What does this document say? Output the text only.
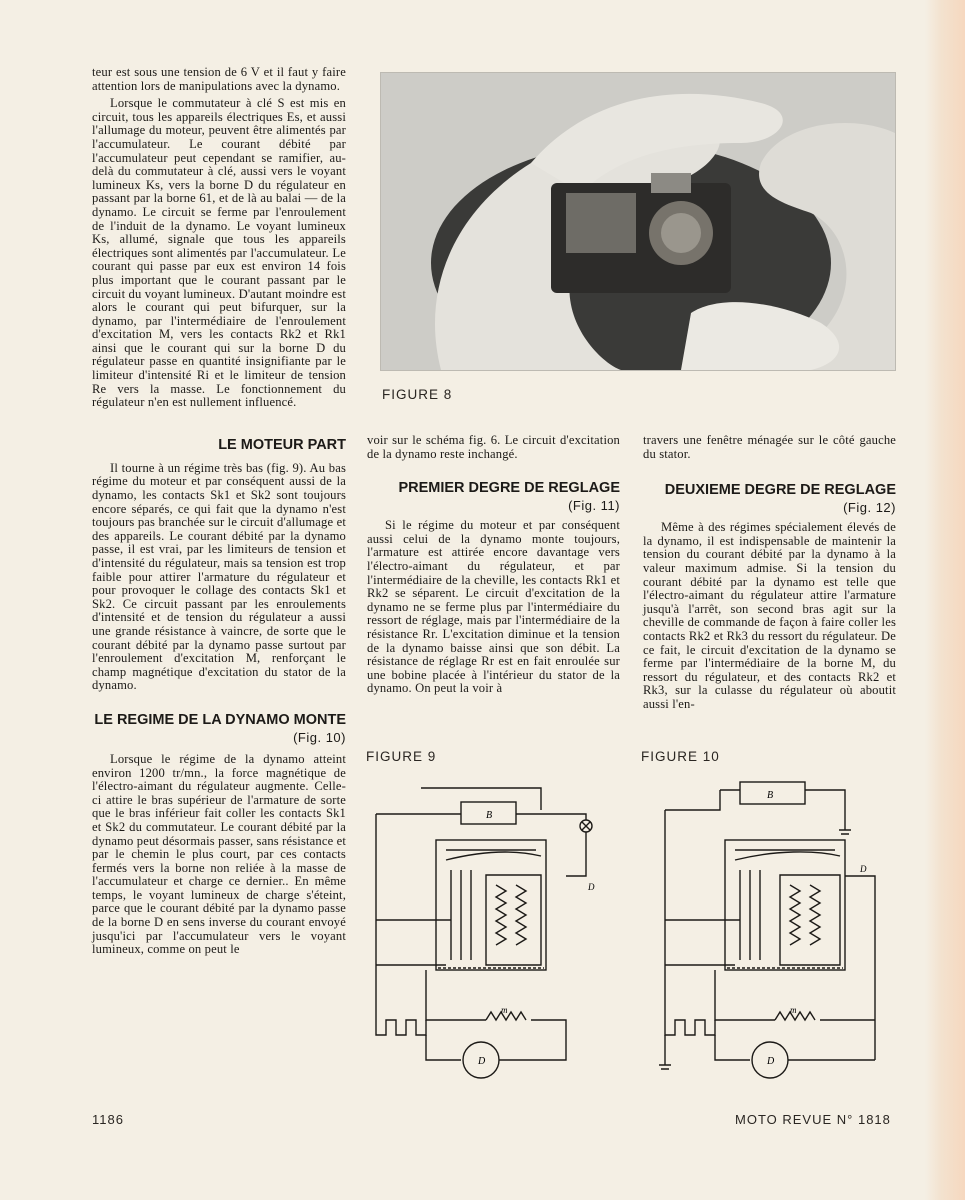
teur est sous une tension de 6 V et il faut y faire attention lors de manipulations avec la dynamo.

Lorsque le commutateur à clé S est mis en circuit, tous les appareils électriques Es, et aussi l'allumage du moteur, peuvent être alimentés par l'accumulateur. Le courant débité par l'accumulateur peut cependant se ramifier, au-delà du commutateur à clé, aussi vers le voyant lumineux Ks, vers la borne D du régulateur en passant par la borne 61, et de là au balai — de la dynamo. Le circuit se ferme par l'enroulement de l'induit de la dynamo. Le voyant lumineux Ks, allumé, signale que tous les appareils électriques sont alimentés par l'accumulateur. Le courant qui passe par eux est environ 14 fois plus important que le courant passant par le circuit du voyant lumineux. D'autant moindre est alors le courant qui peut bifurquer, sur la dynamo, par l'intermédiaire de l'enroulement d'excitation M, vers les contacts Rk2 et Rk1 ainsi que le courant qui sur la borne D du régulateur passe en quantité insignifiante par le limiteur d'intensité Ri et le limiteur de tension Re vers la masse. Le fonctionnement du régulateur n'en est nullement influencé.

LE MOTEUR PART

Il tourne à un régime très bas (fig. 9). Au bas régime du moteur et par conséquent aussi de la dynamo, les contacts Sk1 et Sk2 sont toujours encore séparés, ce qui fait que la dynamo n'est toujours pas branchée sur le circuit d'allumage et des appareils. Le courant débité par la dynamo passe, il est vrai, par les limiteurs de tension et d'intensité du régulateur, mais sa tension est trop faible pour attirer l'armature du régulateur et pour provoquer le collage des contacts Sk1 et Sk2. Ce circuit passant par les enroulements d'intensité et de tension du régulateur a aussi une grande résistance à vaincre, de sorte que le courant débité par la dynamo passe surtout par l'enroulement d'excitation M, renforçant le champ magnétique d'excitation du stator de la dynamo.

LE REGIME DE LA DYNAMO MONTE (Fig. 10)

Lorsque le régime de la dynamo atteint environ 1200 tr/mn., la force magnétique de l'électro-aimant du régulateur augmente. Celle-ci attire le bras supérieur de l'armature de sorte que le bras inférieur fait coller les contacts Sk1 et Sk2 du commutateur. Le courant débité par la dynamo peut désormais passer, sans résistance et par le chemin le plus court, par ces contacts fermés vers la borne non reliée à la masse de l'accumulateur et charge ce dernier.. En même temps, le voyant lumineux de charge s'éteint, parce que le courant débité par la dynamo passe de la borne D en sens inverse du courant envoyé jusqu'ici par l'accumulateur vers le voyant lumineux, comme on peut le

FIGURE 8

voir sur le schéma fig. 6. Le circuit d'excitation de la dynamo reste inchangé.

PREMIER DEGRE DE REGLAGE
(Fig. 11)

Si le régime du moteur et par conséquent aussi celui de la dynamo monte toujours, l'armature est attirée encore davantage vers l'électro-aimant du régulateur, et par l'intermédiaire de la cheville, les contacts Rk1 et Rk2 se séparent. Le circuit d'excitation de la dynamo ne se ferme plus par l'intermédiaire du ressort de réglage, mais par l'intermédiaire de la résistance Rr. L'excitation diminue et la tension de la dynamo baisse ainsi que son débit. La résistance de réglage Rr est en fait enroulée sur une bobine placée à l'intérieur du stator de la dynamo. On peut la voir à

travers une fenêtre ménagée sur le côté gauche du stator.

DEUXIEME DEGRE DE REGLAGE (Fig. 12)

Même à des régimes spécialement élevés de la dynamo, il est indispensable de maintenir la tension du courant débité par la dynamo à la valeur maximum admise. Si la tension du courant débité par la dynamo est telle que l'électro-aimant du régulateur attire l'armature jusqu'à l'arrêt, son second bras agit sur la cheville de commande de façon à faire coller les contacts Rk2 et Rk3 du ressort du régulateur. De ce fait, le circuit d'excitation de la dynamo se ferme par l'intermédiaire de la borne M, du ressort du régulateur, et des contacts Rk2 et Rk3, sur la culasse du régulateur où aboutit aussi l'en-

FIGURE 9
B
D
D
m
FIGURE 10
B
D
D
m
1186	MOTO REVUE N° 1818
